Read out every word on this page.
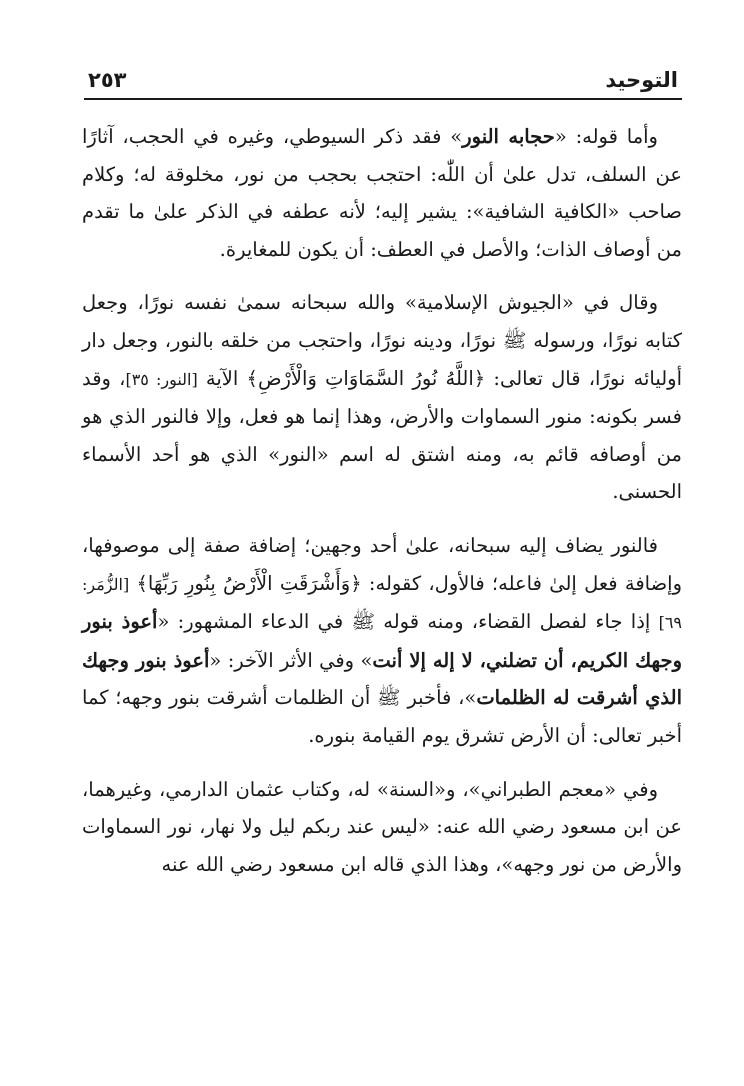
التوحيد
٢٥٣

وأما قوله: «حجابه النور» فقد ذكر السيوطي، وغيره في الحجب، آثارًا عن السلف، تدل علىٰ أن اللّٰه: احتجب بحجب من نور، مخلوقة له؛ وكلام صاحب «الكافية الشافية»: يشير إليه؛ لأنه عطفه في الذكر علىٰ ما تقدم من أوصاف الذات؛ والأصل في العطف: أن يكون للمغايرة.

وقال في «الجيوش الإسلامية» والله سبحانه سمىٰ نفسه نورًا، وجعل كتابه نورًا، ورسوله ﷺ نورًا، ودينه نورًا، واحتجب من خلقه بالنور، وجعل دار أوليائه نورًا، قال تعالى: ﴿اللَّهُ نُورُ السَّمَاوَاتِ وَالْأَرْضِ﴾ الآية [النور: ٣٥]، وقد فسر بكونه: منور السماوات والأرض، وهذا إنما هو فعل، وإلا فالنور الذي هو من أوصافه قائم به، ومنه اشتق له اسم «النور» الذي هو أحد الأسماء الحسنى.

فالنور يضاف إليه سبحانه، علىٰ أحد وجهين؛ إضافة صفة إلى موصوفها، وإضافة فعل إلىٰ فاعله؛ فالأول، كقوله: ﴿وَأَشْرَقَتِ الْأَرْضُ بِنُورِ رَبِّهَا﴾ [الزُّمَر: ٦٩] إذا جاء لفصل القضاء، ومنه قوله ﷺ في الدعاء المشهور: «أعوذ بنور وجهك الكريم، أن تضلني، لا إله إلا أنت» وفي الأثر الآخر: «أعوذ بنور وجهك الذي أشرقت له الظلمات»، فأخبر ﷺ أن الظلمات أشرقت بنور وجهه؛ كما أخبر تعالى: أن الأرض تشرق يوم القيامة بنوره.

وفي «معجم الطبراني»، و«السنة» له، وكتاب عثمان الدارمي، وغيرهما، عن ابن مسعود رضي الله عنه: «ليس عند ربكم ليل ولا نهار، نور السماوات والأرض من نور وجهه»، وهذا الذي قاله ابن مسعود رضي الله عنه
